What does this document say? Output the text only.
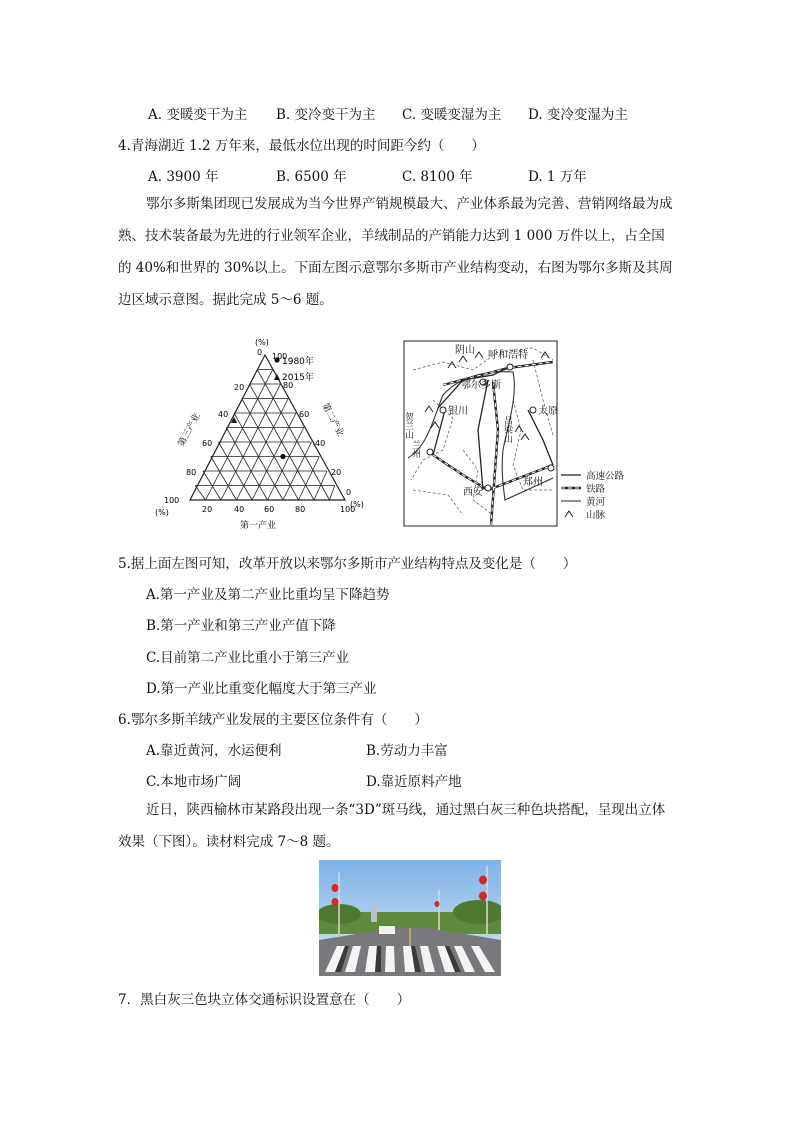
A. 变暖变干为主	B. 变冷变干为主	C. 变暖变湿为主	D. 变冷变湿为主
4.青海湖近 1.2 万年来，最低水位出现的时间距今约（　　）
A. 3900 年	B. 6500 年	C. 8100 年	D. 1 万年
鄂尔多斯集团现已发展成为当今世界产销规模最大、产业体系最为完善、营销网络最为成熟、技术装备最为先进的行业领军企业，羊绒制品的产销能力达到 1 000 万件以上，占全国的 40%和世界的 30%以上。下面左图示意鄂尔多斯市产业结构变动，右图为鄂尔多斯及其周边区域示意图。据此完成 5～6 题。
1980年
2015年
(%)
(%)
(%)
0 100
20
40
60
80
100
80
60
40
20
0
20	40 60	80	100
第三产业	第二产业
第一产业
阴山 呼和浩特
鄂尔多斯
银川
贺兰山
太原
吕梁山
兰州
西安
郑州
高速公路
铁路
黄河
山脉
5.据上面左图可知，改革开放以来鄂尔多斯市产业结构特点及变化是（　　）
A.第一产业及第二产业比重均呈下降趋势
B.第一产业和第三产业产值下降
C.目前第二产业比重小于第三产业
D.第一产业比重变化幅度大于第三产业
6.鄂尔多斯羊绒产业发展的主要区位条件有（　　）
A.靠近黄河，水运便利	B.劳动力丰富
C.本地市场广阔	D.靠近原料产地
近日，陕西榆林市某路段出现一条“3D”斑马线，通过黑白灰三种色块搭配，呈现出立体效果（下图）。读材料完成 7～8 题。
7．黑白灰三色块立体交通标识设置意在（　　）
